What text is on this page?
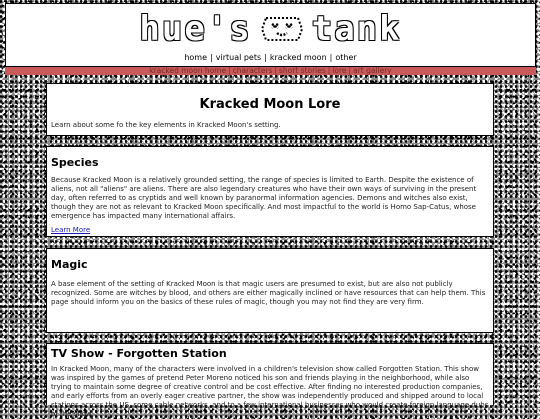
hue's tank
home | virtual pets | kracked moon | other
kracked moon home | characters | short stories | lore | art gallery
Kracked Moon Lore

Learn about some fo the key elements in Kracked Moon's setting.

Species

Because Kracked Moon is a relatively grounded setting, the range of species is limited to Earth. Despite the existence of aliens, not all "aliens" are aliens. There are also legendary creatures who have their own ways of surviving in the present day, often referred to as cryptids and well known by paranormal information agencies. Demons and witches also exist, though they are not as relevant to Kracked Moon specifically. And most impactful to the world is Homo Sap-Catus, whose emergence has impacted many international affairs.

Learn More
Magic

A base element of the setting of Kracked Moon is that magic users are presumed to exist, but are also not publicly recognized. Some are witches by blood, and others are either magically inclined or have resources that can help them. This page should inform you on the basics of these rules of magic, though you may not find they are very firm.

TV Show - Forgotten Station

In Kracked Moon, many of the characters were involved in a children's television show called Forgotten Station. This show was inspired by the games of pretend Peter Moreno noticed his son and friends playing in the neighborhood, while also trying to maintain some degree of creative control and be cost effective. After finding no interested production companies, and early efforts from an overly eager creative partner, the show was independently produced and shipped around to local stations across the US, some cable networks, and to a few international businesses who would create foreign language dubs of the show.
